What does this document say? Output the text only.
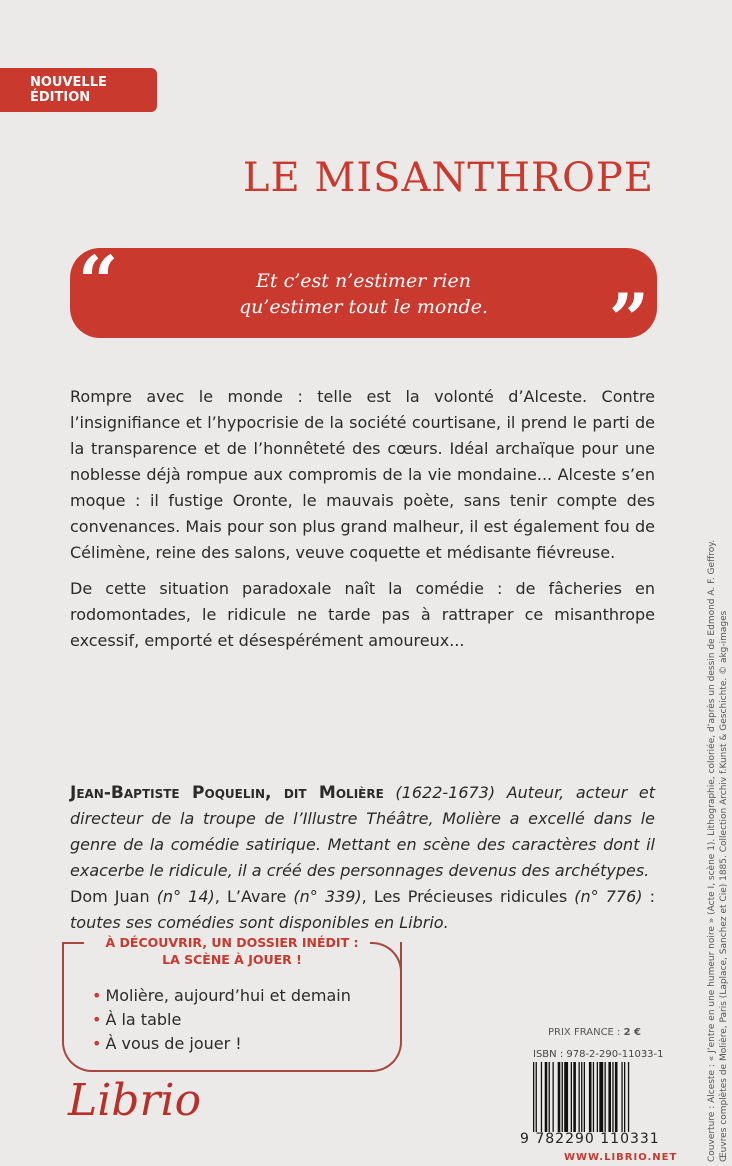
NOUVELLE
ÉDITION
LE MISANTHROPE
“	Et c’est n’estimer rien
qu’estimer tout le monde.	”

Rompre avec le monde : telle est la volonté d’Alceste. Contre l’insignifiance et l’hypocrisie de la société courtisane, il prend le parti de la transparence et de l’honnêteté des cœurs. Idéal archaïque pour une noblesse déjà rompue aux compromis de la vie mondaine... Alceste s’en moque : il fustige Oronte, le mauvais poète, sans tenir compte des convenances. Mais pour son plus grand malheur, il est également fou de Célimène, reine des salons, veuve coquette et médisante fiévreuse.

De cette situation paradoxale naît la comédie : de fâcheries en rodomontades, le ridicule ne tarde pas à rattraper ce misanthrope excessif, emporté et désespérément amoureux...

Jean-Baptiste Poquelin, dit Molière (1622-1673) Auteur, acteur et directeur de la troupe de l’Illustre Théâtre, Molière a excellé dans le genre de la comédie satirique. Mettant en scène des caractères dont il exacerbe le ridicule, il a créé des personnages devenus des archétypes.
Dom Juan (n° 14), L’Avare (n° 339), Les Précieuses ridicules (n° 776) : toutes ses comédies sont disponibles en Librio.
À DÉCOUVRIR, UN DOSSIER INÉDIT :
LA SCÈNE À JOUER !
• Molière, aujourd’hui et demain
• À la table
• À vous de jouer !
Librio
PRIX FRANCE : 2 €
ISBN : 978-2-290-11033-1
9 782290 110331
WWW.LIBRIO.NET	Couverture : Alceste : « J’entre en une humeur noire » (Acte I, scène 1). Lithographie, coloriée, d’après un dessin de Edmond A. F. Geffroy. Œuvres complètes de Molière, Paris (Laplace, Sanchez et Cie) 1885. Collection Archiv f.Kunst & Geschichte. © akg-images
